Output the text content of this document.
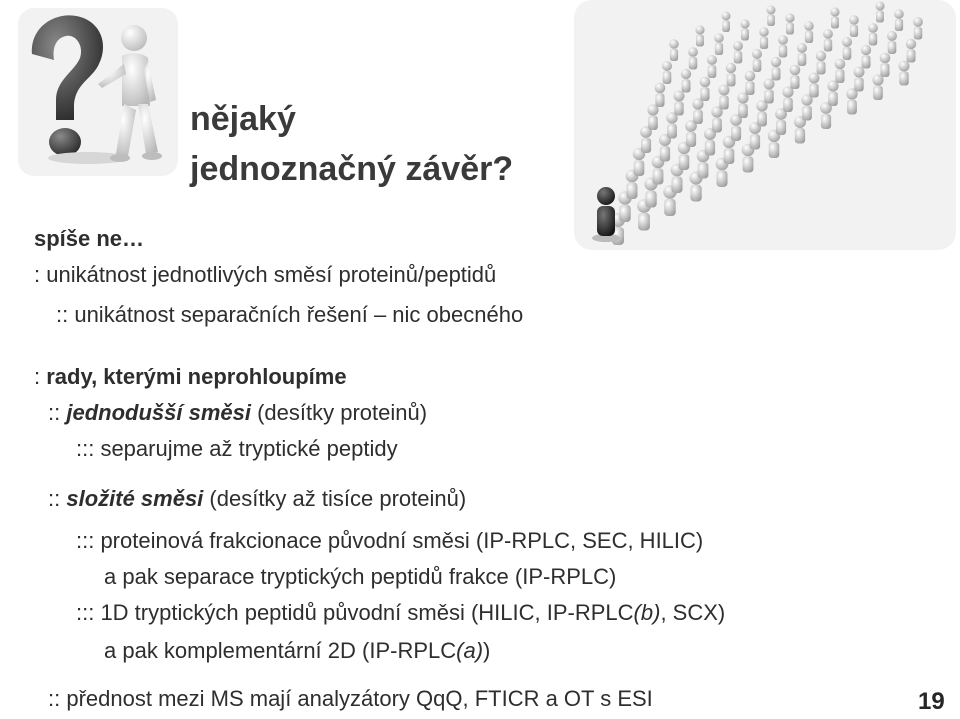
nějaký
jednoznačný závěr?
spíše ne…
: unikátnost jednotlivých směsí proteinů/peptidů
:: unikátnost separačních řešení – nic obecného
: rady, kterými neprohloupíme
:: jednodušší směsi (desítky proteinů)
::: separujme až tryptické peptidy
:: složité směsi (desítky až tisíce proteinů)
::: proteinová frakcionace původní směsi (IP-RPLC, SEC, HILIC)
a pak separace tryptických peptidů frakce (IP-RPLC)
::: 1D tryptických peptidů původní směsi (HILIC, IP-RPLC(b), SCX)
a pak komplementární 2D (IP-RPLC(a))
:: přednost mezi MS mají analyzátory QqQ, FTICR a OT s ESI	19
